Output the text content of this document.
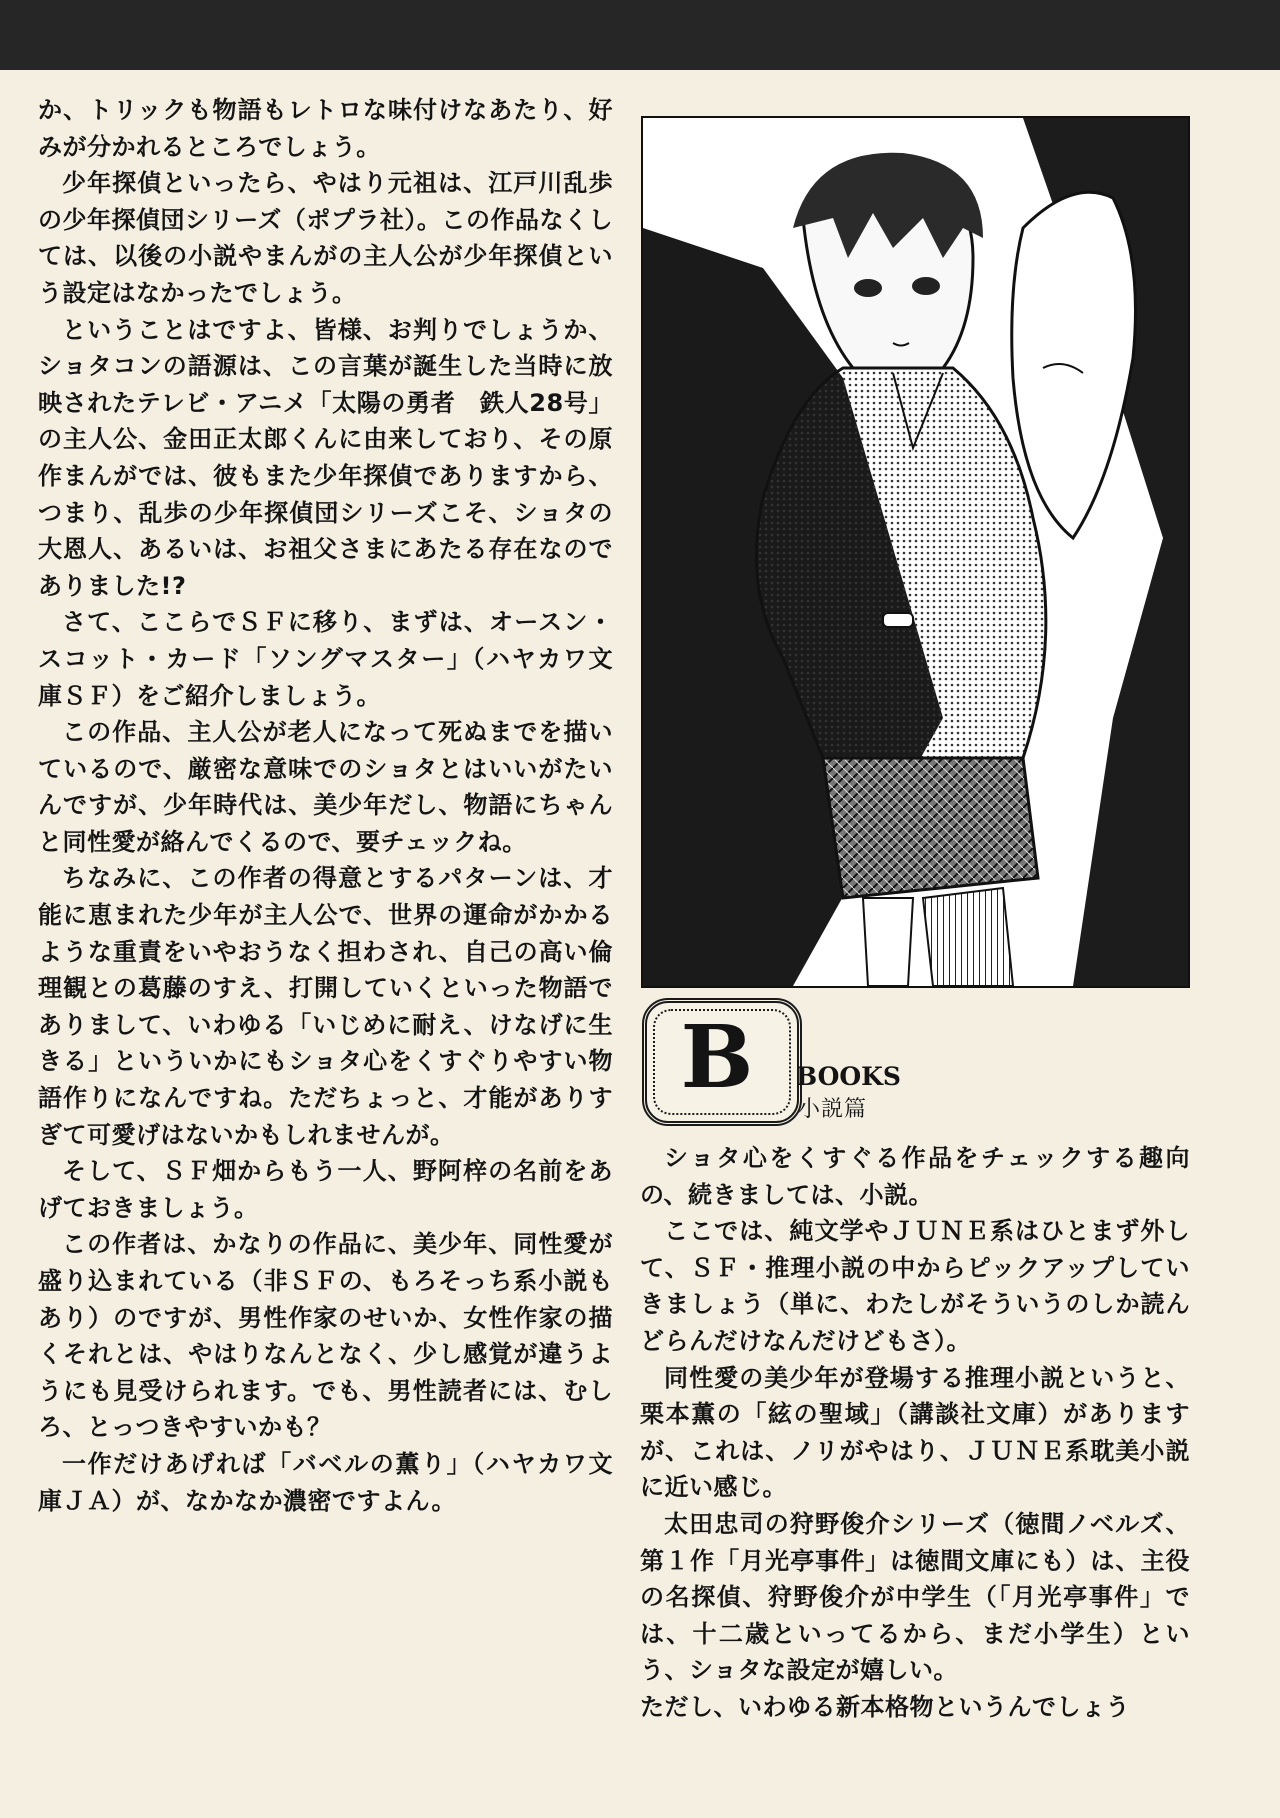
か、トリックも物語もレトロな味付けなあたり、好みが分かれるところでしょう。

少年探偵といったら、やはり元祖は、江戸川乱歩の少年探偵団シリーズ（ポプラ社）。この作品なくしては、以後の小説やまんがの主人公が少年探偵という設定はなかったでしょう。

ということはですよ、皆様、お判りでしょうか、ショタコンの語源は、この言葉が誕生した当時に放映されたテレビ・アニメ「太陽の勇者　鉄人28号」の主人公、金田正太郎くんに由来しており、その原作まんがでは、彼もまた少年探偵でありますから、つまり、乱歩の少年探偵団シリーズこそ、ショタの大恩人、あるいは、お祖父さまにあたる存在なのでありました!?

さて、ここらでＳＦに移り、まずは、オースン・スコット・カード「ソングマスター」（ハヤカワ文庫ＳＦ）をご紹介しましょう。

この作品、主人公が老人になって死ぬまでを描いているので、厳密な意味でのショタとはいいがたいんですが、少年時代は、美少年だし、物語にちゃんと同性愛が絡んでくるので、要チェックね。

ちなみに、この作者の得意とするパターンは、才能に恵まれた少年が主人公で、世界の運命がかかるような重責をいやおうなく担わされ、自己の高い倫理観との葛藤のすえ、打開していくといった物語でありまして、いわゆる「いじめに耐え、けなげに生きる」といういかにもショタ心をくすぐりやすい物語作りになんですね。ただちょっと、才能がありすぎて可愛げはないかもしれませんが。

そして、ＳＦ畑からもう一人、野阿梓の名前をあげておきましょう。

この作者は、かなりの作品に、美少年、同性愛が盛り込まれている（非ＳＦの、もろそっち系小説もあり）のですが、男性作家のせいか、女性作家の描くそれとは、やはりなんとなく、少し感覚が違うようにも見受けられます。でも、男性読者には、むしろ、とっつきやすいかも？

一作だけあげれば「バベルの薫り」（ハヤカワ文庫ＪＡ）が、なかなか濃密ですよん。

B	BOOKS
小説篇

ショタ心をくすぐる作品をチェックする趣向の、続きましては、小説。

ここでは、純文学やＪＵＮＥ系はひとまず外して、ＳＦ・推理小説の中からピックアップしていきましょう（単に、わたしがそういうのしか読んどらんだけなんだけどもさ）。

同性愛の美少年が登場する推理小説というと、栗本薫の「絃の聖域」（講談社文庫）がありますが、これは、ノリがやはり、ＪＵＮＥ系耽美小説に近い感じ。

太田忠司の狩野俊介シリーズ（徳間ノベルズ、第１作「月光亭事件」は徳間文庫にも）は、主役の名探偵、狩野俊介が中学生（「月光亭事件」では、十二歳といってるから、まだ小学生）という、ショタな設定が嬉しい。

ただし、いわゆる新本格物というんでしょう
